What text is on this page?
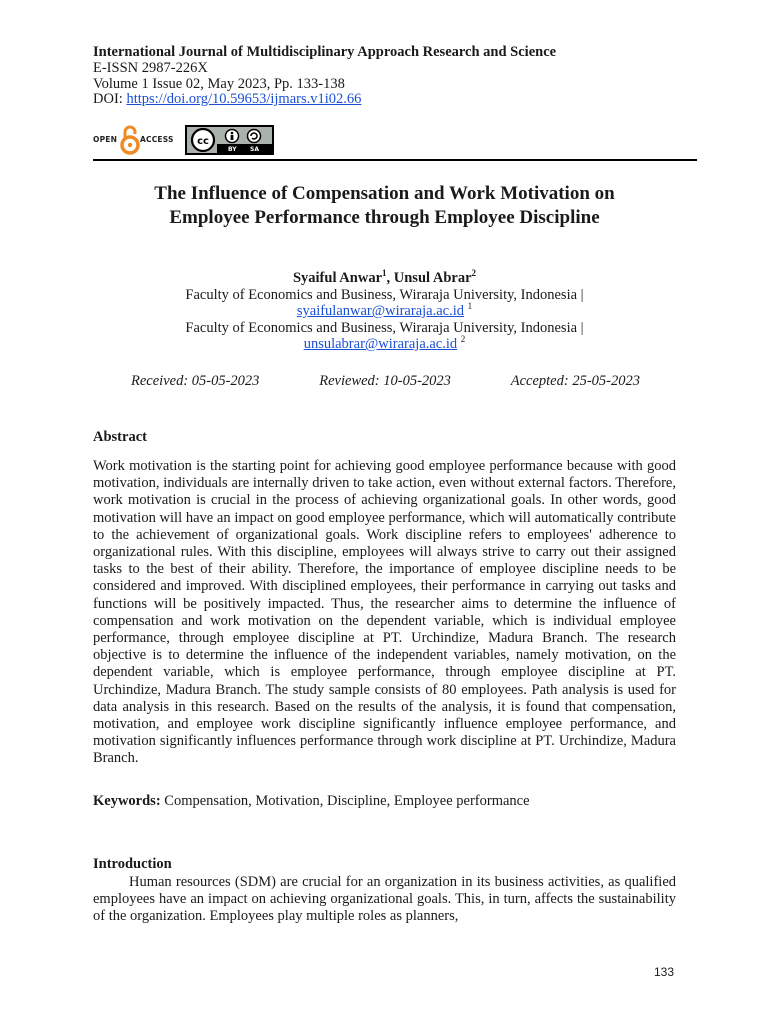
International Journal of Multidisciplinary Approach Research and Science
E-ISSN 2987-226X
Volume 1 Issue 02, May 2023, Pp. 133-138
DOI: https://doi.org/10.59653/ijmars.v1i02.66
OPEN	ACCESS cc
BY SA
The Influence of Compensation and Work Motivation on
Employee Performance through Employee Discipline
Syaiful Anwar$^1$, Unsul Abrar$^2$
Faculty of Economics and Business, Wiraraja University, Indonesia |
syaifulanwar@wiraraja.ac.id $^1$
Faculty of Economics and Business, Wiraraja University, Indonesia |
unsulabrar@wiraraja.ac.id $^2$
Received: 05-05-2023	Reviewed: 10-05-2023	Accepted: 25-05-2023
Abstract
Work motivation is the starting point for achieving good employee performance because with good motivation, individuals are internally driven to take action, even without external factors. Therefore, work motivation is crucial in the process of achieving organizational goals. In other words, good motivation will have an impact on good employee performance, which will automatically contribute to the achievement of organizational goals. Work discipline refers to employees' adherence to organizational rules. With this discipline, employees will always strive to carry out their assigned tasks to the best of their ability. Therefore, the importance of employee discipline needs to be considered and improved. With disciplined employees, their performance in carrying out tasks and functions will be positively impacted. Thus, the researcher aims to determine the influence of compensation and work motivation on the dependent variable, which is individual employee performance, through employee discipline at PT. Urchindize, Madura Branch. The research objective is to determine the influence of the independent variables, namely motivation, on the dependent variable, which is employee performance, through employee discipline at PT. Urchindize, Madura Branch. The study sample consists of 80 employees. Path analysis is used for data analysis in this research. Based on the results of the analysis, it is found that compensation, motivation, and employee work discipline significantly influence employee performance, and motivation significantly influences performance through work discipline at PT. Urchindize, Madura Branch.
Keywords: Compensation, Motivation, Discipline, Employee performance
Introduction
Human resources (SDM) are crucial for an organization in its business activities, as qualified employees have an impact on achieving organizational goals. This, in turn, affects the sustainability of the organization. Employees play multiple roles as planners,
133
